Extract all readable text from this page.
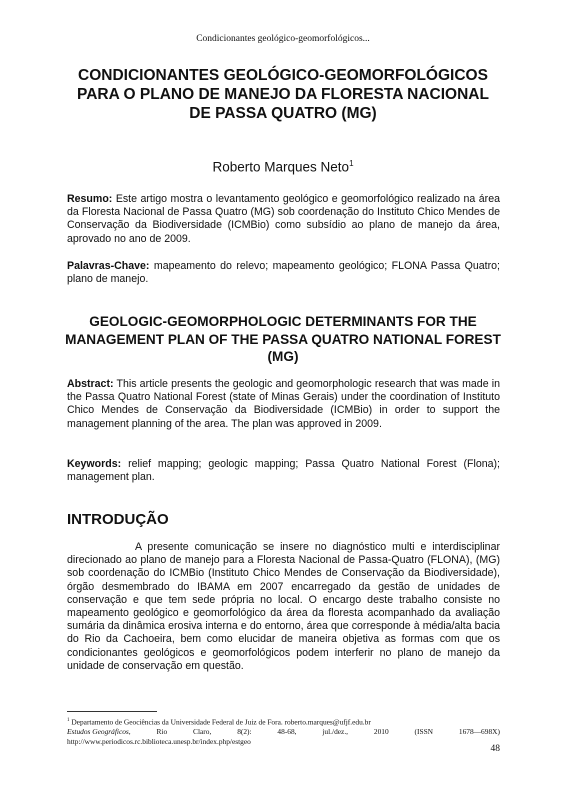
Condicionantes geológico-geomorfológicos...
CONDICIONANTES GEOLÓGICO-GEOMORFOLÓGICOS PARA O PLANO DE MANEJO DA FLORESTA NACIONAL DE PASSA QUATRO (MG)
Roberto Marques Neto$^1$

Resumo: Este artigo mostra o levantamento geológico e geomorfológico realizado na área da Floresta Nacional de Passa Quatro (MG) sob coordenação do Instituto Chico Mendes de Conservação da Biodiversidade (ICMBio) como subsídio ao plano de manejo da área, aprovado no ano de 2009.

Palavras-Chave: mapeamento do relevo; mapeamento geológico; FLONA Passa Quatro; plano de manejo.

GEOLOGIC-GEOMORPHOLOGIC DETERMINANTS FOR THE MANAGEMENT PLAN OF THE PASSA QUATRO NATIONAL FOREST (MG)

Abstract: This article presents the geologic and geomorphologic research that was made in the Passa Quatro National Forest (state of Minas Gerais) under the coordination of Instituto Chico Mendes de Conservação da Biodiversidade (ICMBio) in order to support the management planning of the area. The plan was approved in 2009.

Keywords: relief mapping; geologic mapping; Passa Quatro National Forest (Flona); management plan.

INTRODUÇÃO

A presente comunicação se insere no diagnóstico multi e interdisciplinar direcionado ao plano de manejo para a Floresta Nacional de Passa-Quatro (FLONA), (MG) sob coordenação do ICMBio (Instituto Chico Mendes de Conservação da Biodiversidade), órgão desmembrado do IBAMA em 2007 encarregado da gestão de unidades de conservação e que tem sede própria no local. O encargo deste trabalho consiste no mapeamento geológico e geomorfológico da área da floresta acompanhado da avaliação sumária da dinâmica erosiva interna e do entorno, área que corresponde à média/alta bacia do Rio da Cachoeira, bem como elucidar de maneira objetiva as formas com que os condicionantes geológicos e geomorfológicos podem interferir no plano de manejo da unidade de conservação em questão.

$^1$ Departamento de Geociências da Universidade Federal de Juiz de Fora. roberto.marques@ufjf.edu.br
Estudos Geográficos,	Rio	Claro,	8(2):	48-68,	jul./dez.,	2010	(ISSN	1678—698X)
http://www.periodicos.rc.biblioteca.unesp.br/index.php/estgeo
48
